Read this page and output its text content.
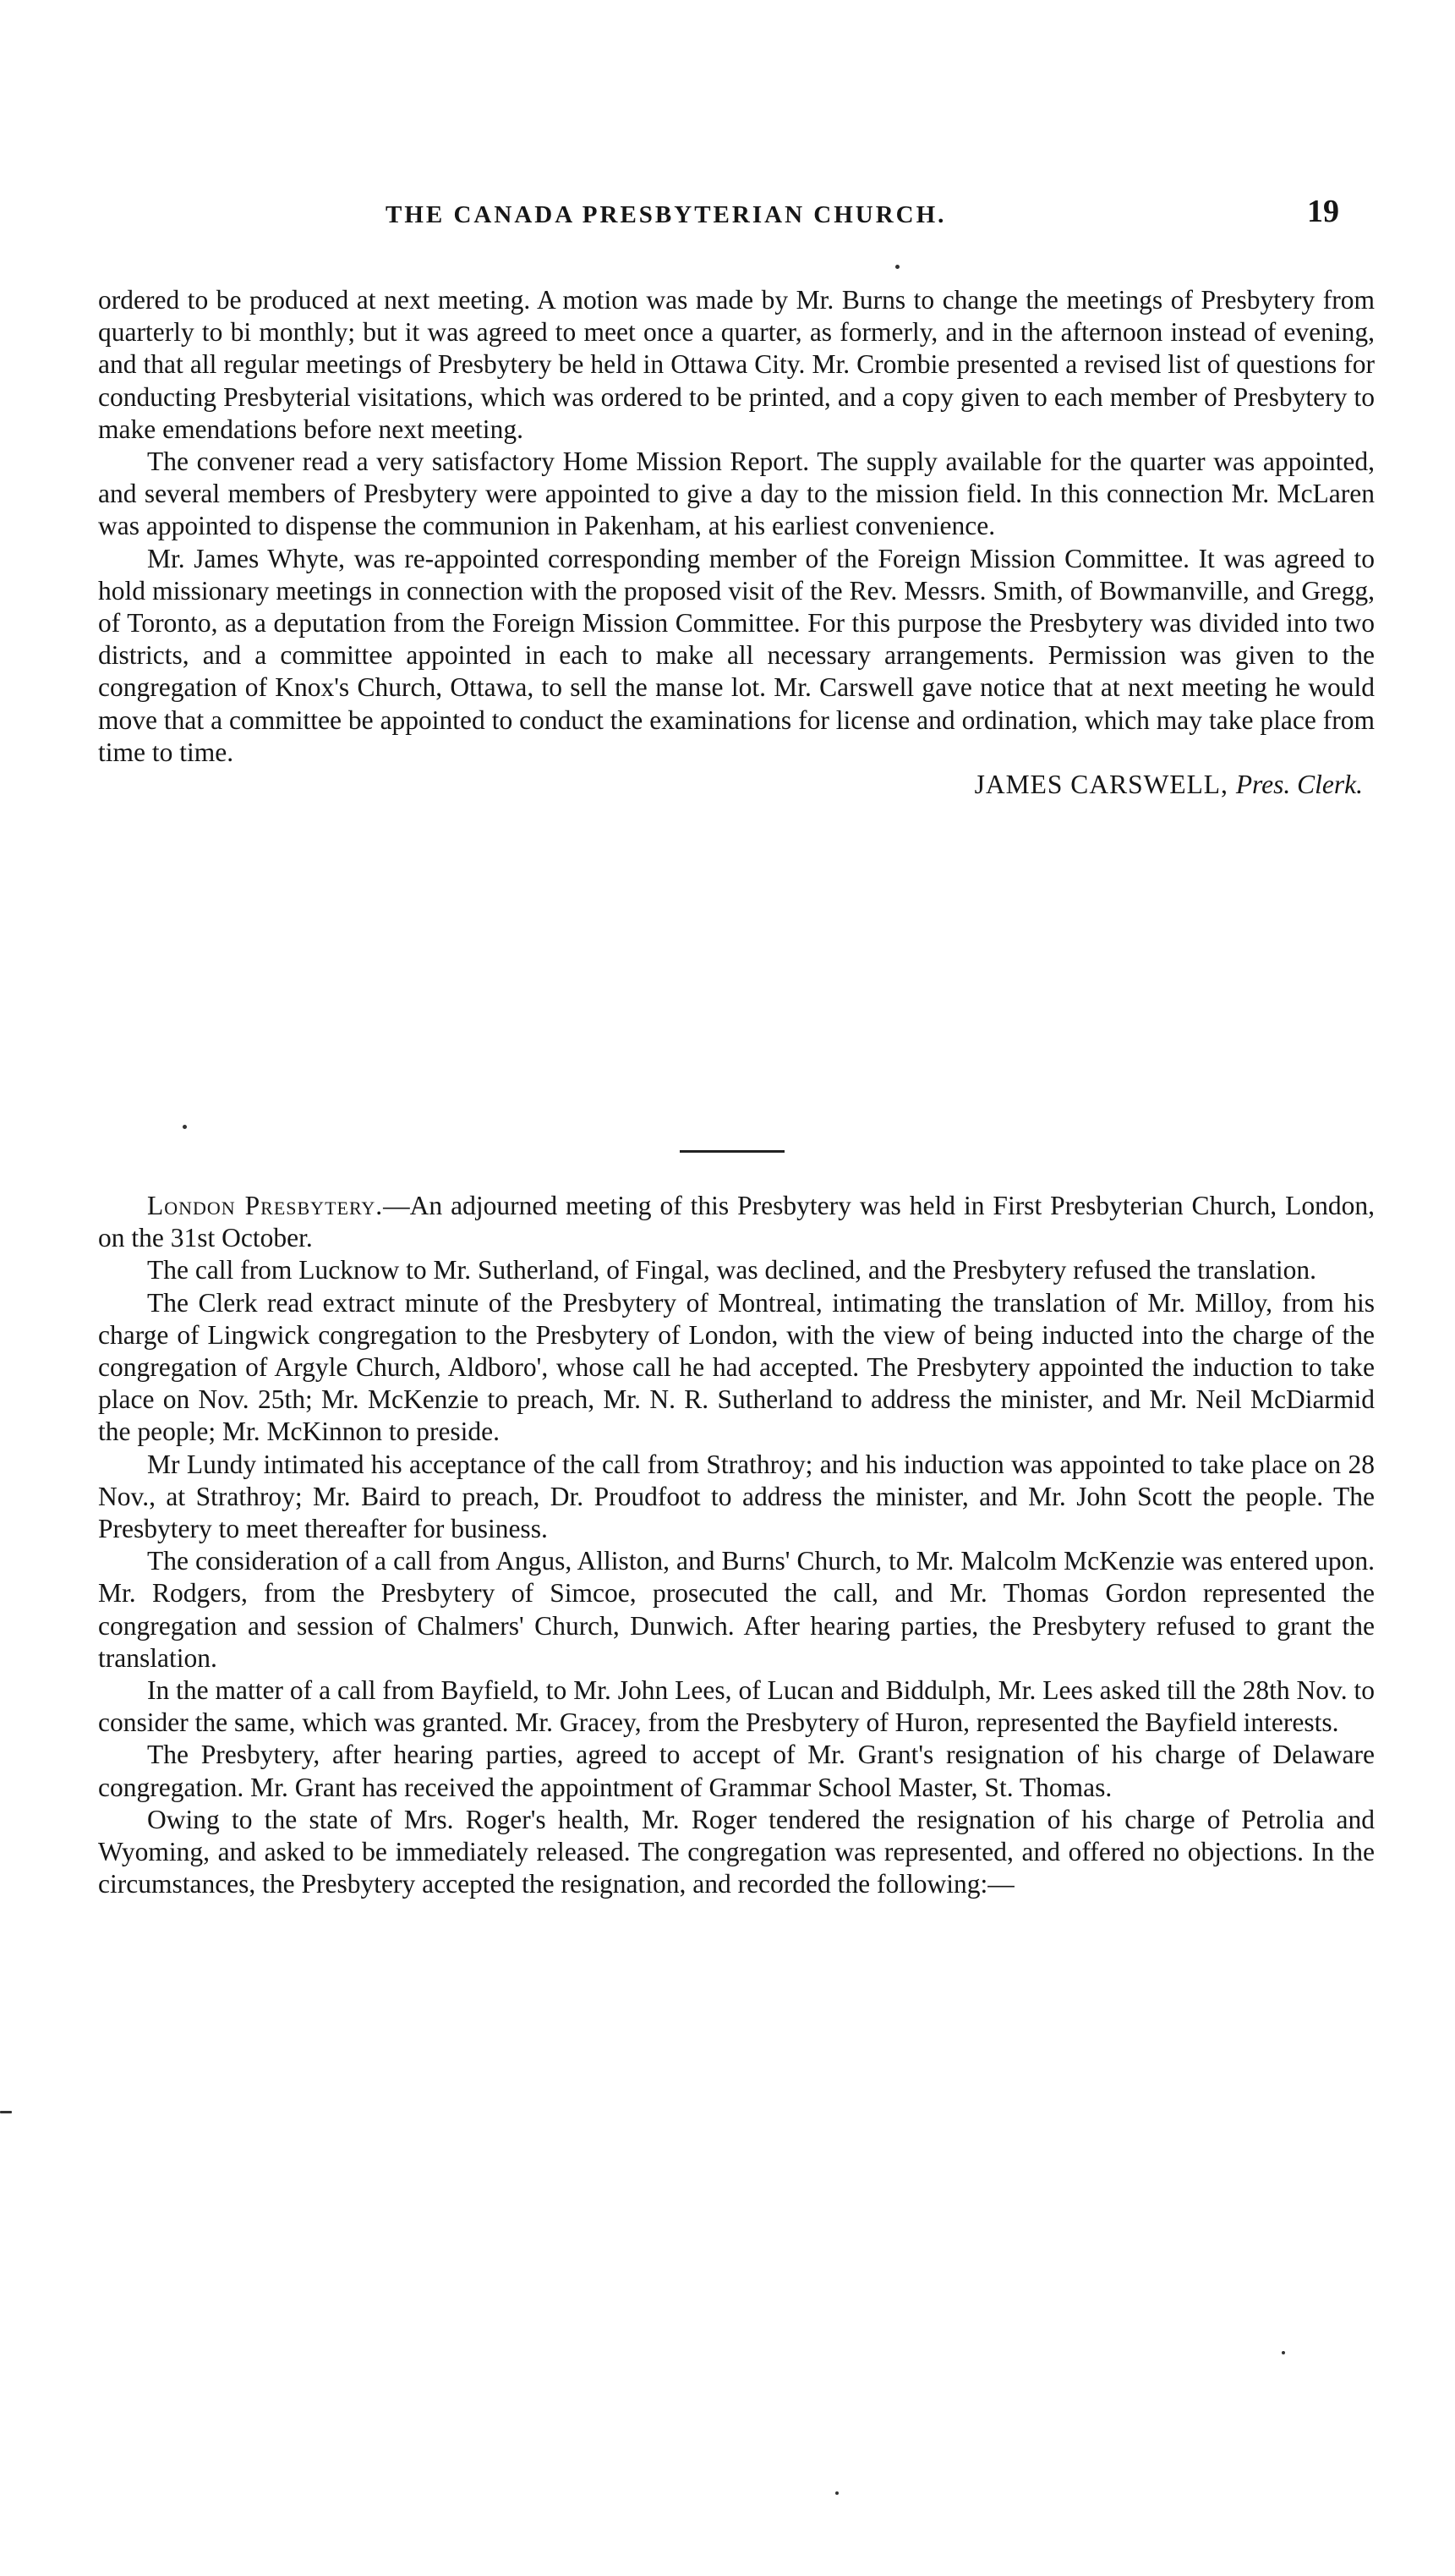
THE CANADA PRESBYTERIAN CHURCH.	19

ordered to be produced at next meeting. A motion was made by Mr. Burns to change the meetings of Presbytery from quarterly to bi monthly; but it was agreed to meet once a quarter, as formerly, and in the afternoon instead of evening, and that all regular meetings of Presbytery be held in Ottawa City. Mr. Crombie presented a revised list of questions for conducting Presbyterial visitations, which was ordered to be printed, and a copy given to each member of Presbytery to make emendations before next meeting.

The convener read a very satisfactory Home Mission Report. The supply available for the quarter was appointed, and several members of Presbytery were appointed to give a day to the mission field. In this connection Mr. McLaren was appointed to dispense the communion in Pakenham, at his earliest convenience.

Mr. James Whyte, was re-appointed corresponding member of the Foreign Mission Committee. It was agreed to hold missionary meetings in connection with the proposed visit of the Rev. Messrs. Smith, of Bowmanville, and Gregg, of Toronto, as a deputation from the Foreign Mission Committee. For this purpose the Presbytery was divided into two districts, and a committee appointed in each to make all necessary arrangements. Permission was given to the congregation of Knox's Church, Ottawa, to sell the manse lot. Mr. Carswell gave notice that at next meeting he would move that a committee be appointed to conduct the examinations for license and ordination, which may take place from time to time.

JAMES CARSWELL, Pres. Clerk.

London Presbytery.—An adjourned meeting of this Presbytery was held in First Presbyterian Church, London, on the 31st October.

The call from Lucknow to Mr. Sutherland, of Fingal, was declined, and the Presbytery refused the translation.

The Clerk read extract minute of the Presbytery of Montreal, intimating the translation of Mr. Milloy, from his charge of Lingwick congregation to the Presbytery of London, with the view of being inducted into the charge of the congregation of Argyle Church, Aldboro', whose call he had accepted. The Presbytery appointed the induction to take place on Nov. 25th; Mr. McKenzie to preach, Mr. N. R. Sutherland to address the minister, and Mr. Neil McDiarmid the people; Mr. McKinnon to preside.

Mr Lundy intimated his acceptance of the call from Strathroy; and his induction was appointed to take place on 28 Nov., at Strathroy; Mr. Baird to preach, Dr. Proudfoot to address the minister, and Mr. John Scott the people. The Presbytery to meet thereafter for business.

The consideration of a call from Angus, Alliston, and Burns' Church, to Mr. Malcolm McKenzie was entered upon. Mr. Rodgers, from the Presbytery of Simcoe, prosecuted the call, and Mr. Thomas Gordon represented the congregation and session of Chalmers' Church, Dunwich. After hearing parties, the Presbytery refused to grant the translation.

In the matter of a call from Bayfield, to Mr. John Lees, of Lucan and Biddulph, Mr. Lees asked till the 28th Nov. to consider the same, which was granted. Mr. Gracey, from the Presbytery of Huron, represented the Bayfield interests.

The Presbytery, after hearing parties, agreed to accept of Mr. Grant's resignation of his charge of Delaware congregation. Mr. Grant has received the appointment of Grammar School Master, St. Thomas.

Owing to the state of Mrs. Roger's health, Mr. Roger tendered the resignation of his charge of Petrolia and Wyoming, and asked to be immediately released. The congregation was represented, and offered no objections. In the circumstances, the Presbytery accepted the resignation, and recorded the following:—
